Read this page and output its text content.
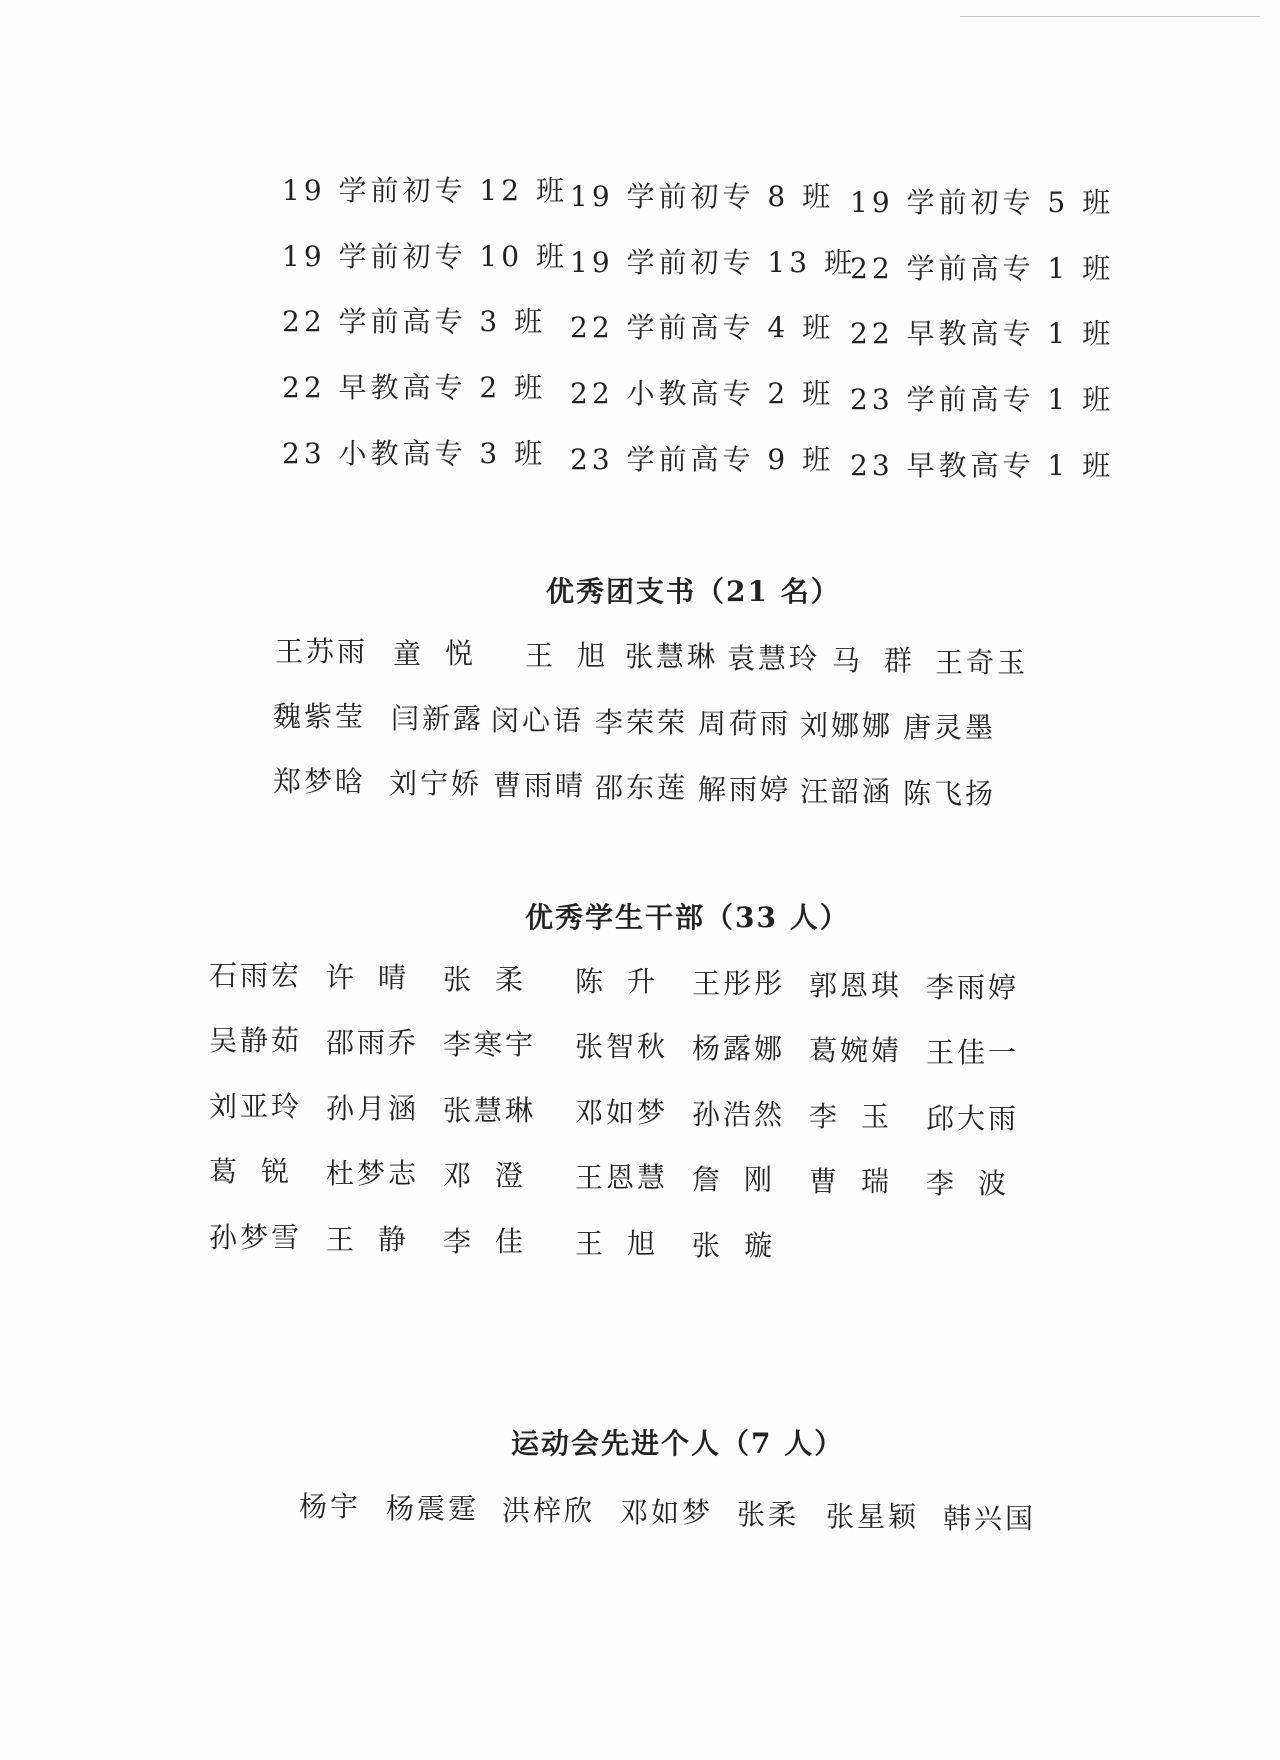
19 学前初专 12 班 19 学前初专 8 班 19 学前初专 5 班
19 学前初专 10 班 19 学前初专 13 班
22 学前高专 1 班
22 学前高专 3 班 22 学前高专 4 班 22 早教高专 1 班
22 早教高专 2 班 22 小教高专 2 班 23 学前高专 1 班
23 小教高专 3 班 23 学前高专 9 班 23 早教高专 1 班
优秀团支书（21 名）
王苏雨 童悦 王旭
张慧琳 袁慧玲 马群
王奇玉
魏紫莹 闫新露 闵心语 李荣荣 周荷雨 刘娜娜 唐灵墨
郑梦晗 刘宁娇 曹雨晴 邵东莲 解雨婷 汪韶涵 陈飞扬
优秀学生干部（33 人）
石雨宏 许晴 张柔 陈升 王彤彤 郭恩琪 李雨婷
吴静茹 邵雨乔 李寒宇 张智秋 杨露娜 葛婉婧 王佳一
刘亚玲 孙月涵 张慧琳 邓如梦 孙浩然 李玉 邱大雨
葛锐 杜梦志 邓澄 王恩慧 詹刚 曹瑞 李波
孙梦雪 王静 李佳 王旭 张璇
运动会先进个人（7 人）
杨宇 杨震霆 洪梓欣 邓如梦 张柔 张星颖 韩兴国
